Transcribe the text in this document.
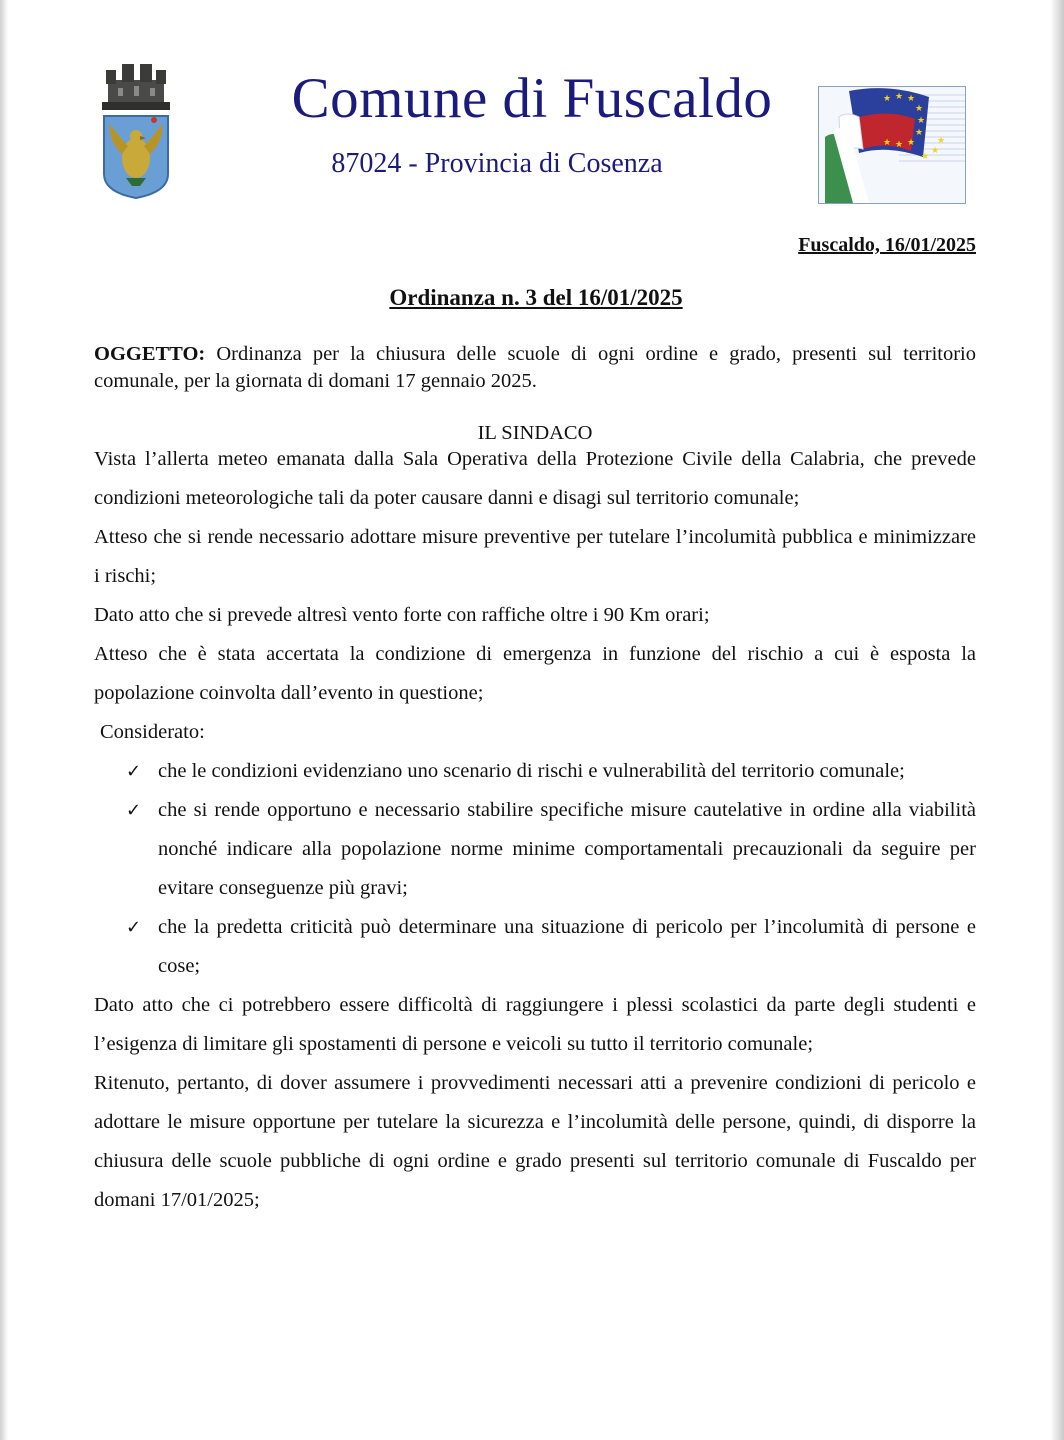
★ ★ ★
★
★
★
★
★
★
★
★
★
Comune di Fuscaldo
87024 - Provincia di Cosenza
Fuscaldo, 16/01/2025
Ordinanza n. 3 del 16/01/2025
OGGETTO: Ordinanza per la chiusura delle scuole di ogni ordine e grado, presenti sul territorio comunale, per la giornata di domani 17 gennaio 2025.
IL SINDACO

Vista l’allerta meteo emanata dalla Sala Operativa della Protezione Civile della Calabria, che prevede condizioni meteorologiche tali da poter causare danni e disagi sul territorio comunale;

Atteso che si rende necessario adottare misure preventive per tutelare l’incolumità pubblica e minimizzare i rischi;

Dato atto che si prevede altresì vento forte con raffiche oltre i 90 Km orari;

Atteso che è stata accertata la condizione di emergenza in funzione del rischio a cui è esposta la popolazione coinvolta dall’evento in questione;

Considerato:

✓ che le condizioni evidenziano uno scenario di rischi e vulnerabilità del territorio comunale;
✓ che si rende opportuno e necessario stabilire specifiche misure cautelative in ordine alla viabilità nonché indicare alla popolazione norme minime comportamentali precauzionali da seguire per evitare conseguenze più gravi;
✓ che la predetta criticità può determinare una situazione di pericolo per l’incolumità di persone e cose;

Dato atto che ci potrebbero essere difficoltà di raggiungere i plessi scolastici da parte degli studenti e l’esigenza di limitare gli spostamenti di persone e veicoli su tutto il territorio comunale;

Ritenuto, pertanto, di dover assumere i provvedimenti necessari atti a prevenire condizioni di pericolo e adottare le misure opportune per tutelare la sicurezza e l’incolumità delle persone, quindi, di disporre la chiusura delle scuole pubbliche di ogni ordine e grado presenti sul territorio comunale di Fuscaldo per domani 17/01/2025;
